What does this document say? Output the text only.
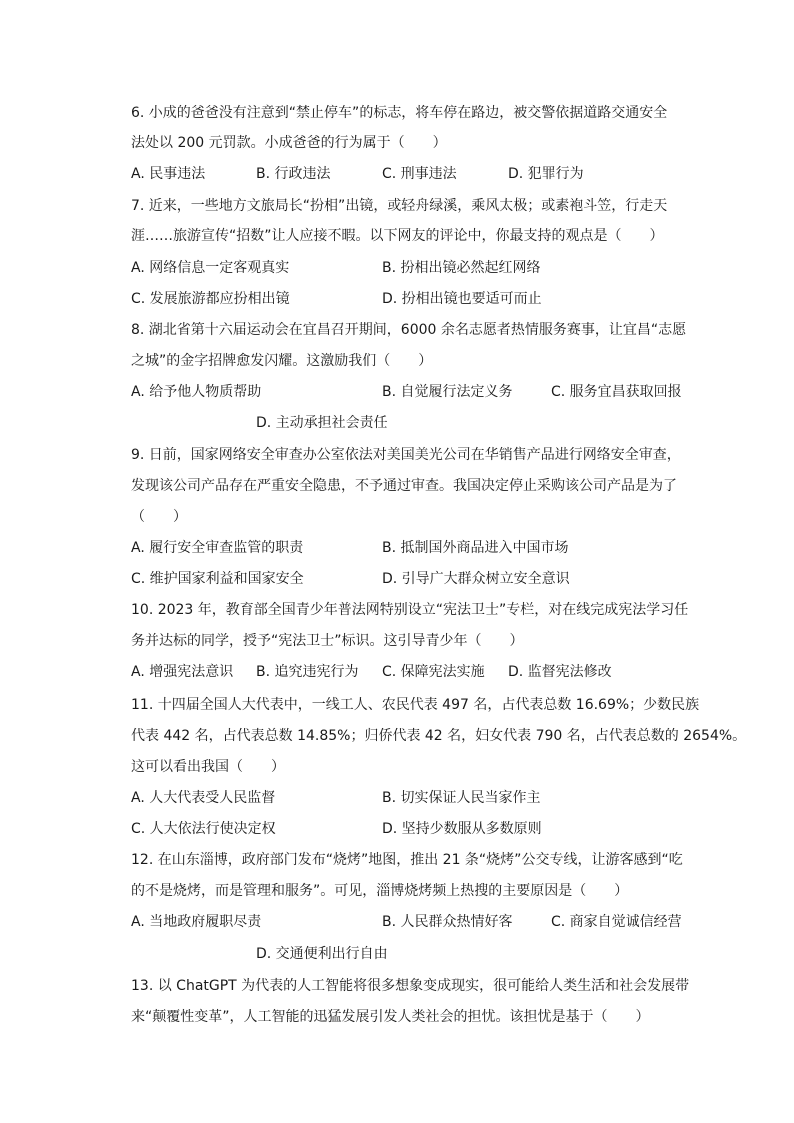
6. 小成的爸爸没有注意到“禁止停车”的标志，将车停在路边，被交警依据道路交通安全
法处以 200 元罚款。小成爸爸的行为属于（　　）
A. 民事违法	B. 行政违法	C. 刑事违法	D. 犯罪行为
7. 近来，一些地方文旅局长“扮相”出镜，或轻舟绿溪，乘风太极；或素袍斗笠，行走天
涯……旅游宣传“招数”让人应接不暇。以下网友的评论中，你最支持的观点是（　　）
A. 网络信息一定客观真实	B. 扮相出镜必然起红网络
C. 发展旅游都应扮相出镜	D. 扮相出镜也要适可而止
8. 湖北省第十六届运动会在宜昌召开期间，6000 余名志愿者热情服务赛事，让宜昌“志愿
之城”的金字招牌愈发闪耀。这激励我们（　　）
A. 给予他人物质帮助	B. 自觉履行法定义务	C. 服务宜昌获取回报
D. 主动承担社会责任
9. 日前，国家网络安全审查办公室依法对美国美光公司在华销售产品进行网络安全审查，
发现该公司产品存在严重安全隐患，不予通过审查。我国决定停止采购该公司产品是为了
（　　）
A. 履行安全审查监管的职责	B. 抵制国外商品进入中国市场
C. 维护国家利益和国家安全	D. 引导广大群众树立安全意识
10. 2023 年，教育部全国青少年普法网特别设立“宪法卫士”专栏，对在线完成宪法学习任
务并达标的同学，授予“宪法卫士”标识。这引导青少年（　　）
A. 增强宪法意识 B. 追究违宪行为 C. 保障宪法实施 D. 监督宪法修改
11. 十四届全国人大代表中，一线工人、农民代表 497 名，占代表总数 16.69%；少数民族
代表 442 名，占代表总数 14.85%；归侨代表 42 名，妇女代表 790 名，占代表总数的 2654%。
这可以看出我国（　　）
A. 人大代表受人民监督	B. 切实保证人民当家作主
C. 人大依法行使决定权	D. 坚持少数服从多数原则
12. 在山东淄博，政府部门发布“烧烤”地图，推出 21 条“烧烤”公交专线，让游客感到“吃
的不是烧烤，而是管理和服务”。可见，淄博烧烤频上热搜的主要原因是（　　）
A. 当地政府履职尽责	B. 人民群众热情好客	C. 商家自觉诚信经营
D. 交通便利出行自由
13. 以 ChatGPT 为代表的人工智能将很多想象变成现实，很可能给人类生活和社会发展带
来“颠覆性变革”，人工智能的迅猛发展引发人类社会的担忧。该担忧是基于（　　）
